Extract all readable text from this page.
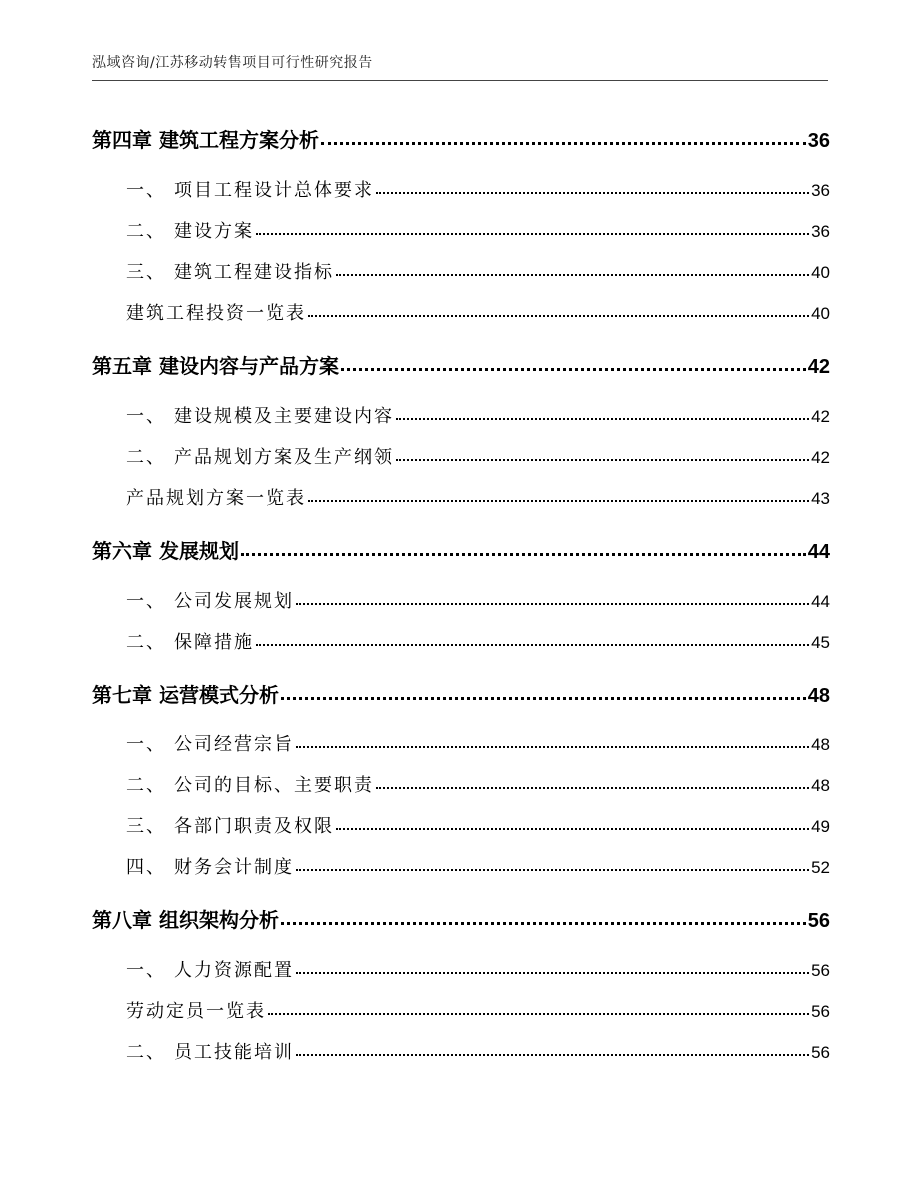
泓域咨询/江苏移动转售项目可行性研究报告
第四章 建筑工程方案分析	36
一、 项目工程设计总体要求	36
二、 建设方案	36
三、 建筑工程建设指标	40
建筑工程投资一览表	40
第五章 建设内容与产品方案	42
一、 建设规模及主要建设内容	42
二、 产品规划方案及生产纲领	42
产品规划方案一览表	43
第六章 发展规划	44
一、 公司发展规划	44
二、 保障措施	45
第七章 运营模式分析	48
一、 公司经营宗旨	48
二、 公司的目标、主要职责	48
三、 各部门职责及权限	49
四、 财务会计制度	52
第八章 组织架构分析	56
一、 人力资源配置	56
劳动定员一览表	56
二、 员工技能培训	56
